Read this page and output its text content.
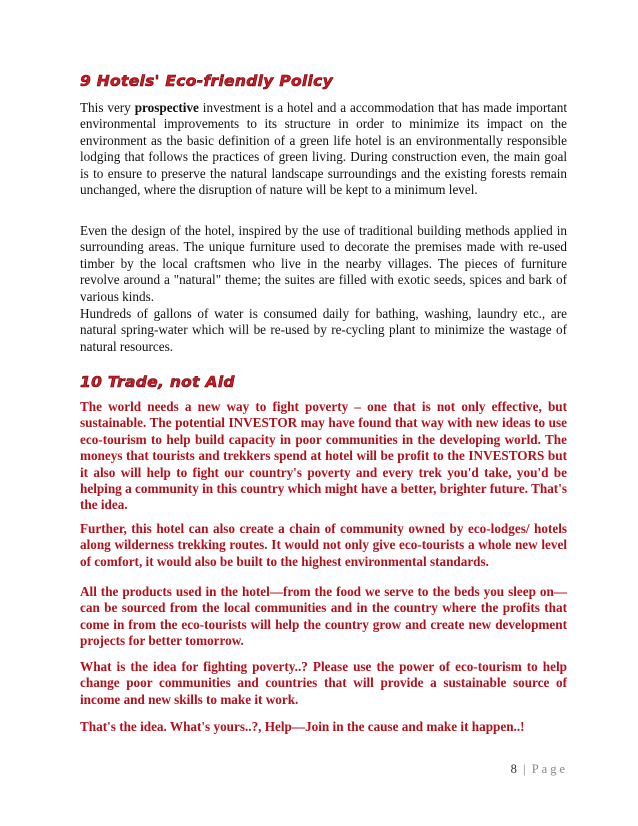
9 Hotels' Eco-friendly Policy
This very prospective investment is a hotel and a accommodation that has made important environmental improvements to its structure in order to minimize its impact on the environment as the basic definition of a green life hotel is an environmentally responsible lodging that follows the practices of green living. During construction even, the main goal is to ensure to preserve the natural landscape surroundings and the existing forests remain unchanged, where the disruption of nature will be kept to a minimum level.
Even the design of the hotel, inspired by the use of traditional building methods applied in surrounding areas. The unique furniture used to decorate the premises made with re-used timber by the local craftsmen who live in the nearby villages. The pieces of furniture revolve around a "natural" theme; the suites are filled with exotic seeds, spices and bark of various kinds.
Hundreds of gallons of water is consumed daily for bathing, washing, laundry etc., are natural spring-water which will be re-used by re-cycling plant to minimize the wastage of natural resources.
10 Trade, not Aid
The world needs a new way to fight poverty – one that is not only effective, but sustainable. The potential INVESTOR may have found that way with new ideas to use eco-tourism to help build capacity in poor communities in the developing world. The moneys that tourists and trekkers spend at hotel will be profit to the INVESTORS but it also will help to fight our country's poverty and every trek you'd take, you'd be helping a community in this country which might have a better, brighter future. That's the idea.
Further, this hotel can also create a chain of community owned by eco-lodges/ hotels along wilderness trekking routes. It would not only give eco-tourists a whole new level of comfort, it would also be built to the highest environmental standards.
All the products used in the hotel—from the food we serve to the beds you sleep on—can be sourced from the local communities and in the country where the profits that come in from the eco-tourists will help the country grow and create new development projects for better tomorrow.
What is the idea for fighting poverty..? Please use the power of eco-tourism to help change poor communities and countries that will provide a sustainable source of income and new skills to make it work.
That's the idea. What's yours..?, Help—Join in the cause and make it happen..!
8 | Page
